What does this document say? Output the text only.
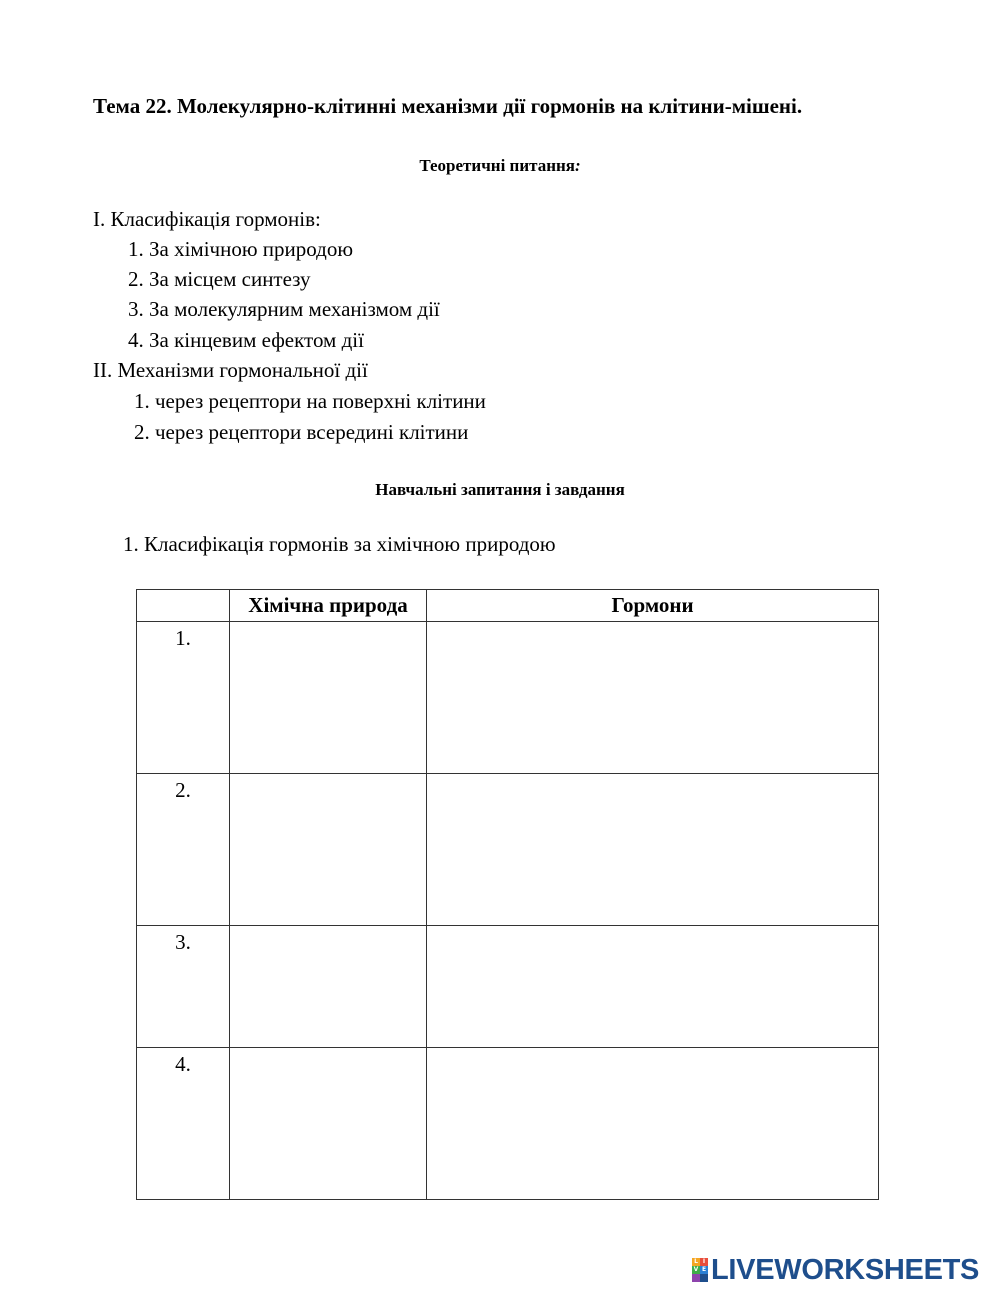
Тема 22. Молекулярно-клітинні механізми дії гормонів на клітини-мішені.
Теоретичні питання:
І. Класифікація гормонів:
1. За хімічною природою
2. За місцем синтезу
3. За молекулярним механізмом дії
4. За кінцевим ефектом дії
ІІ. Механізми гормональної дії
1. через рецептори на поверхні клітини
2. через рецептори всередині клітини
Навчальні запитання і завдання
1. Класифікація гормонів за хімічною природою
	Хімічна природа	Гормони
1.		
2.		
3.		
4.		
L I
V E LIVEWORKSHEETS
